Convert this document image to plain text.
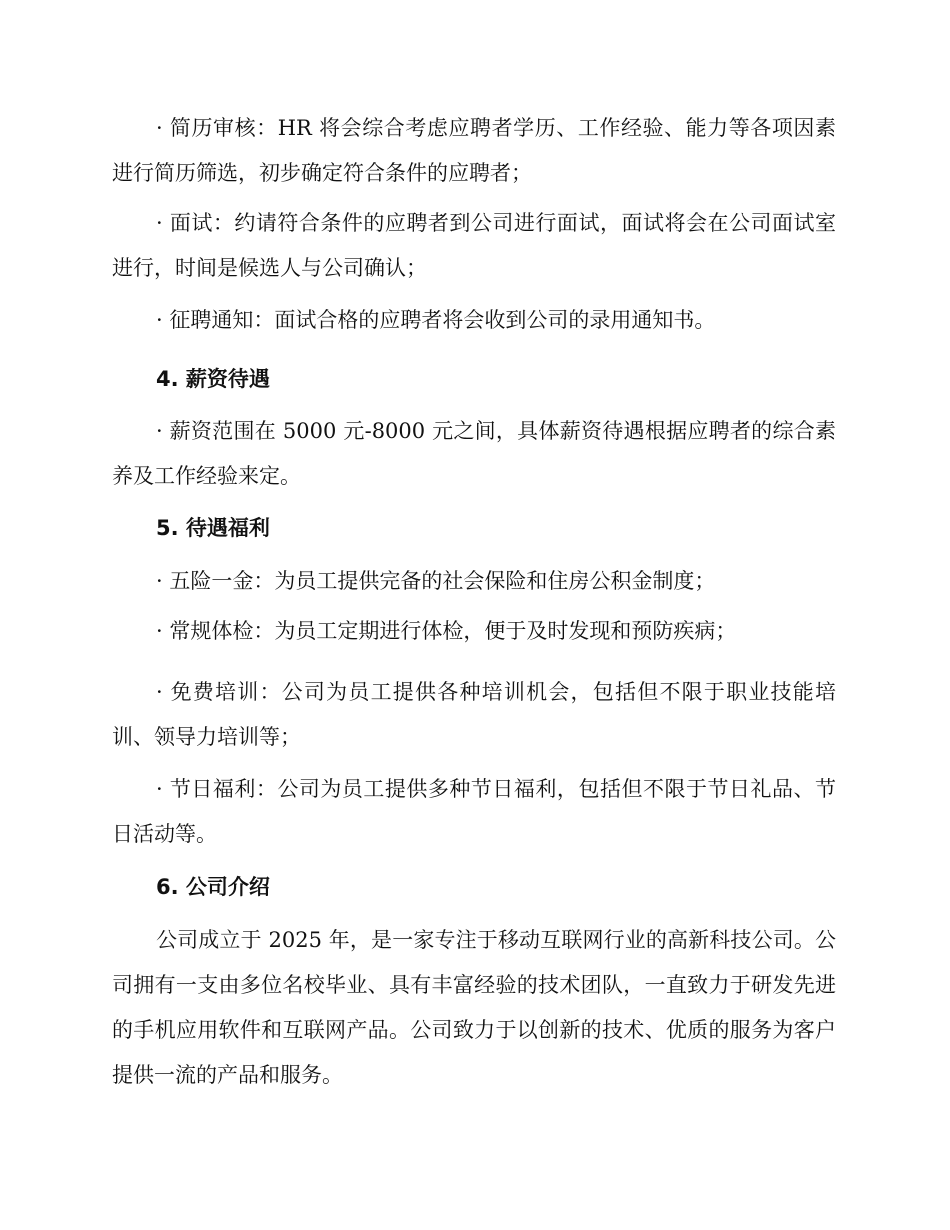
· 简历审核：HR 将会综合考虑应聘者学历、工作经验、能力等各项因素进行简历筛选，初步确定符合条件的应聘者；

· 面试：约请符合条件的应聘者到公司进行面试，面试将会在公司面试室进行，时间是候选人与公司确认；

· 征聘通知：面试合格的应聘者将会收到公司的录用通知书。

4. 薪资待遇

· 薪资范围在 5000 元-8000 元之间，具体薪资待遇根据应聘者的综合素养及工作经验来定。

5. 待遇福利

· 五险一金：为员工提供完备的社会保险和住房公积金制度；

· 常规体检：为员工定期进行体检，便于及时发现和预防疾病；

· 免费培训：公司为员工提供各种培训机会，包括但不限于职业技能培训、领导力培训等；

· 节日福利：公司为员工提供多种节日福利，包括但不限于节日礼品、节日活动等。

6. 公司介绍

公司成立于 2025 年，是一家专注于移动互联网行业的高新科技公司。公司拥有一支由多位名校毕业、具有丰富经验的技术团队，一直致力于研发先进的手机应用软件和互联网产品。公司致力于以创新的技术、优质的服务为客户提供一流的产品和服务。
